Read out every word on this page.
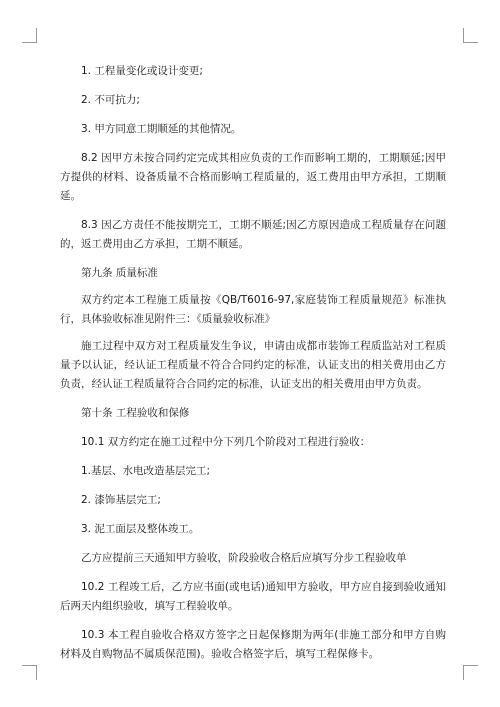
1. 工程量变化或设计变更;

2. 不可抗力;

3. 甲方同意工期顺延的其他情况。

8.2 因甲方未按合同约定完成其相应负责的工作而影响工期的，工期顺延;因甲方提供的材料、设备质量不合格而影响工程质量的，返工费用由甲方承担，工期顺延。

8.3 因乙方责任不能按期完工，工期不顺延;因乙方原因造成工程质量存在问题的，返工费用由乙方承担，工期不顺延。

第九条 质量标准

双方约定本工程施工质量按《QB/T6016-97,家庭装饰工程质量规范》标准执行，具体验收标准见附件三：《质量验收标准》

施工过程中双方对工程质量发生争议，申请由成都市装饰工程质监站对工程质量予以认证，经认证工程质量不符合合同约定的标准，认证支出的相关费用由乙方负责，经认证工程质量符合合同约定的标准，认证支出的相关费用由甲方负责。

第十条 工程验收和保修

10.1 双方约定在施工过程中分下列几个阶段对工程进行验收：

1.基层、水电改造基层完工;

2. 漆饰基层完工;

3. 泥工面层及整体竣工。

乙方应提前三天通知甲方验收，阶段验收合格后应填写分步工程验收单

10.2 工程竣工后，乙方应书面(或电话)通知甲方验收，甲方应自接到验收通知后两天内组织验收，填写工程验收单。

10.3 本工程自验收合格双方签字之日起保修期为两年(非施工部分和甲方自购材料及自购物品不属质保范围)。验收合格签字后，填写工程保修卡。
